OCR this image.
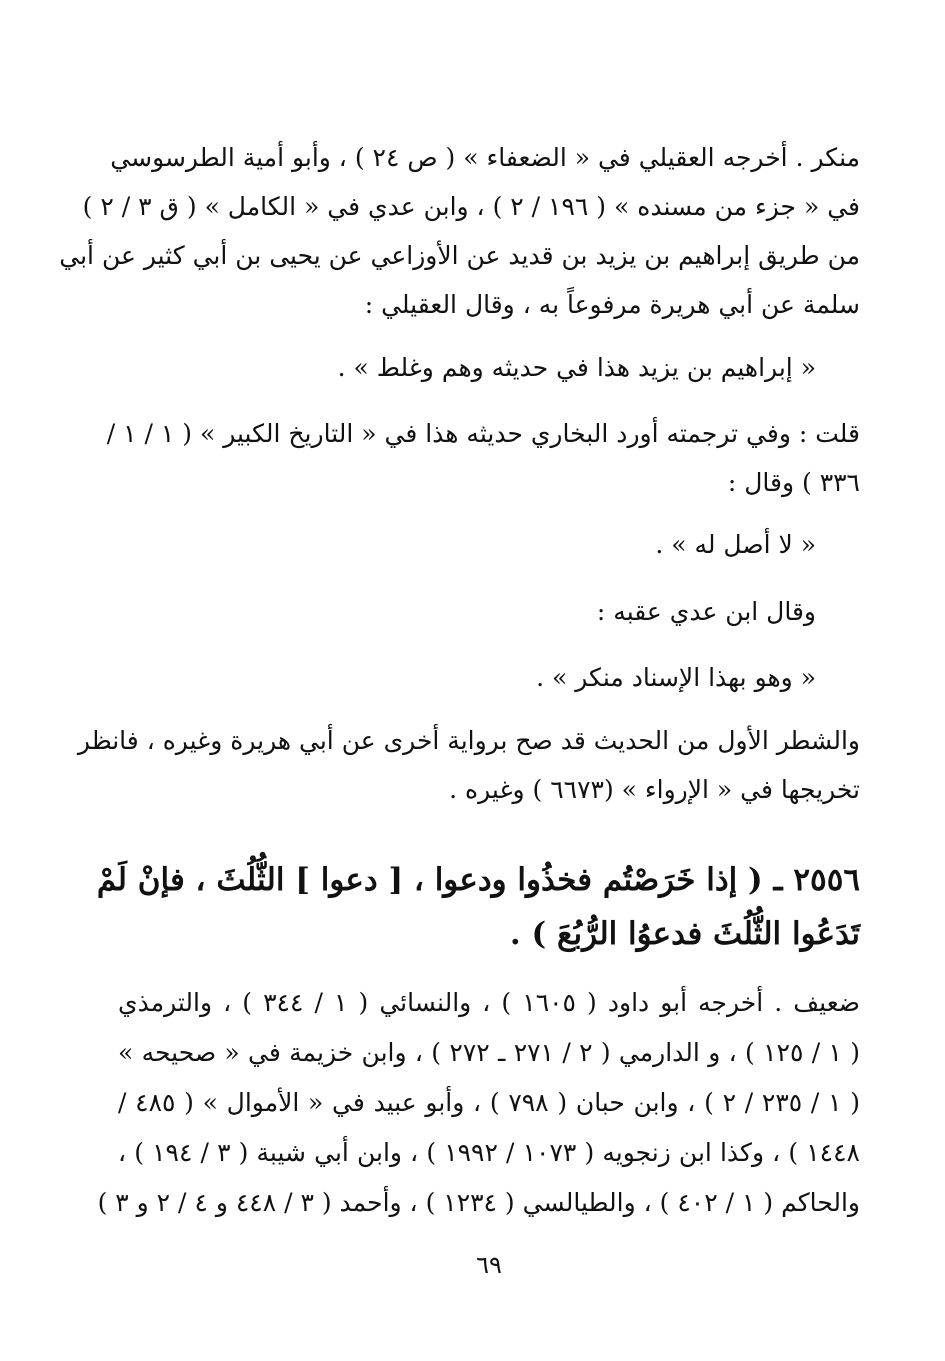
منكر . أخرجه العقيلي في « الضعفاء » ( ص ٢٤ ) ، وأبو أمية الطرسوسي
في « جزء من مسنده » ( ١٩٦ / ٢ ) ، وابن عدي في « الكامل » ( ق ٣ / ٢ )
من طريق إبراهيم بن يزيد بن قديد عن الأوزاعي عن يحيى بن أبي كثير عن أبي
سلمة عن أبي هريرة مرفوعاً به ، وقال العقيلي :
« إبراهيم بن يزيد هذا في حديثه وهم وغلط » .
قلت : وفي ترجمته أورد البخاري حديثه هذا في « التاريخ الكبير » ( ١ / ١ /
٣٣٦ ) وقال :
« لا أصل له » .
وقال ابن عدي عقبه :
« وهو بهذا الإسناد منكر » .
والشطر الأول من الحديث قد صح برواية أخرى عن أبي هريرة وغيره ، فانظر
تخريجها في « الإرواء » (٦٦٧٣ ) وغيره .
٢٥٥٦ ـ ( إذا خَرَصْتُم فخذُوا ودعوا ، [ دعوا ] الثُّلُثَ ، فإنْ لَمْ
تَدَعُوا الثُّلُثَ فدعوُا الرُّبُعَ ) .
ضعيف . أخرجه أبو داود ( ١٦٠٥ ) ، والنسائي ( ١ / ٣٤٤ ) ، والترمذي
( ١ / ١٢٥ ) ، و الدارمي ( ٢ / ٢٧١ ـ ٢٧٢ ) ، وابن خزيمة في « صحيحه »
( ١ / ٢٣٥ / ٢ ) ، وابن حبان ( ٧٩٨ ) ، وأبو عبيد في « الأموال » ( ٤٨٥ /
١٤٤٨ ) ، وكذا ابن زنجويه ( ١٠٧٣ / ١٩٩٢ ) ، وابن أبي شيبة ( ٣ / ١٩٤ ) ،
والحاكم ( ١ / ٤٠٢ ) ، والطيالسي ( ١٢٣٤ ) ، وأحمد ( ٣ / ٤٤٨ و ٤ / ٢ و ٣ )
٦٩
